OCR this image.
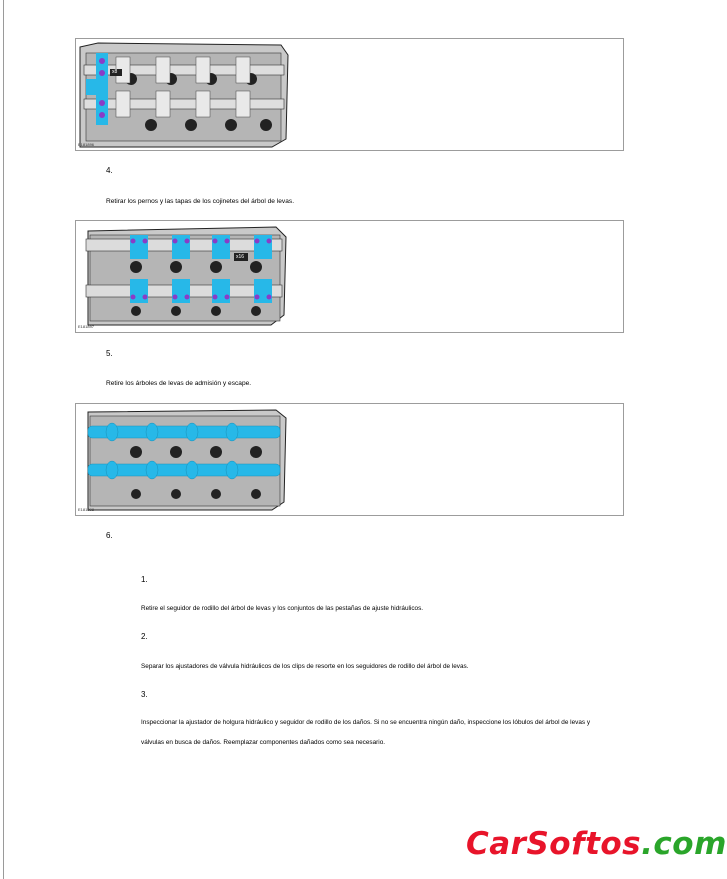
x8
E181896
4.
Retirar los pernos y las tapas de los cojinetes del árbol de levas.
x16
E181897
5.
Retire los árboles de levas de admisión y escape.
E181898
6.
1.
Retire el seguidor de rodillo del árbol de levas y los conjuntos de las pestañas de ajuste hidráulicos.
2.
Separar los ajustadores de válvula hidráulicos de los clips de resorte en los seguidores de rodillo del árbol de levas.
3.
Inspeccionar la ajustador de holgura hidráulico y seguidor de rodillo de los daños. Si no se encuentra ningún daño, inspeccione los lóbulos del árbol de levas y válvulas en busca de daños. Reemplazar componentes dañados como sea necesario.
CarSoftos.com
